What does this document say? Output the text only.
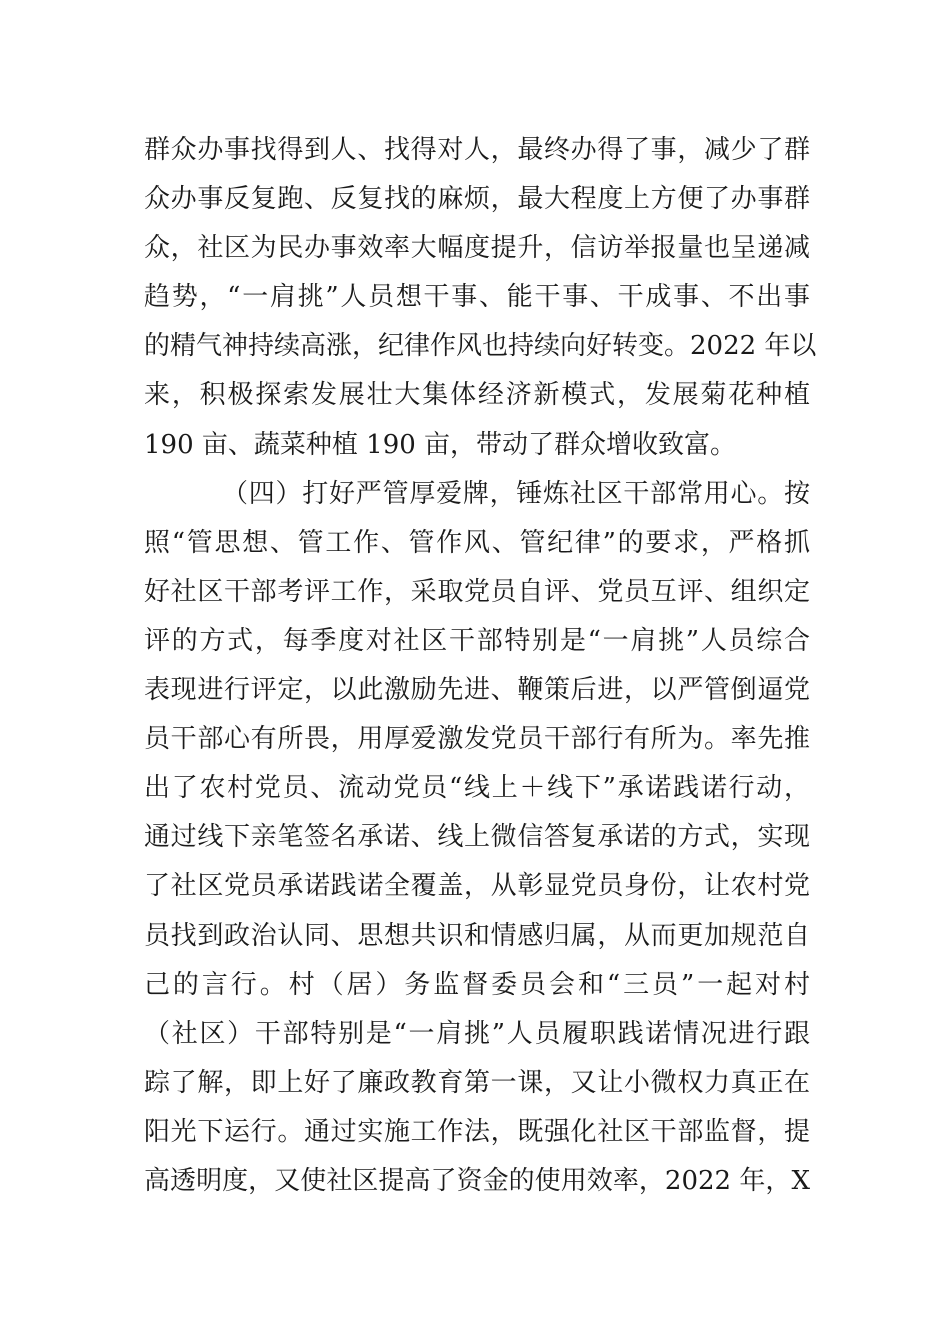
群众办事找得到人、找得对人，最终办得了事，减少了群
众办事反复跑、反复找的麻烦，最大程度上方便了办事群
众，社区为民办事效率大幅度提升，信访举报量也呈递减
趋势，“一肩挑”人员想干事、能干事、干成事、不出事
的精气神持续高涨，纪律作风也持续向好转变。2022 年以
来，积极探索发展壮大集体经济新模式，发展菊花种植
190 亩、蔬菜种植 190 亩，带动了群众增收致富。
（四）打好严管厚爱牌，锤炼社区干部常用心。按
照“管思想、管工作、管作风、管纪律”的要求，严格抓
好社区干部考评工作，采取党员自评、党员互评、组织定
评的方式，每季度对社区干部特别是“一肩挑”人员综合
表现进行评定，以此激励先进、鞭策后进，以严管倒逼党
员干部心有所畏，用厚爱激发党员干部行有所为。率先推
出了农村党员、流动党员“线上＋线下”承诺践诺行动，
通过线下亲笔签名承诺、线上微信答复承诺的方式，实现
了社区党员承诺践诺全覆盖，从彰显党员身份，让农村党
员找到政治认同、思想共识和情感归属，从而更加规范自
己的言行。村（居）务监督委员会和“三员”一起对村
（社区）干部特别是“一肩挑”人员履职践诺情况进行跟
踪了解，即上好了廉政教育第一课，又让小微权力真正在
阳光下运行。通过实施工作法，既强化社区干部监督，提
高透明度，又使社区提高了资金的使用效率，2022 年，X
